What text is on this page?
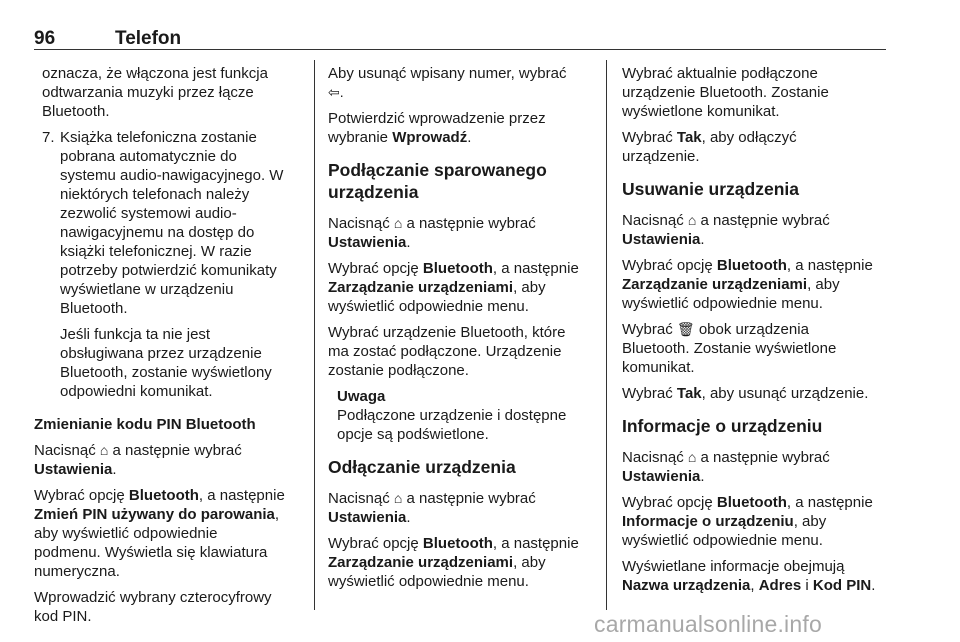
96	Telefon

oznacza, że włączona jest funkcja
odtwarzania muzyki przez łącze
Bluetooth.

7. Książka telefoniczna zostanie
pobrana automatycznie do
systemu audio-nawigacyjnego. W
niektórych telefonach należy
zezwolić systemowi audio-
nawigacyjnemu na dostęp do
książki telefonicznej. W razie
potrzeby potwierdzić komunikaty
wyświetlane w urządzeniu
Bluetooth.
Jeśli funkcja ta nie jest
obsługiwana przez urządzenie
Bluetooth, zostanie wyświetlony
odpowiedni komunikat.

Zmienianie kodu PIN Bluetooth

Nacisnąć ⌂ a następnie wybrać
Ustawienia.

Wybrać opcję Bluetooth, a następnie
Zmień PIN używany do parowania,
aby wyświetlić odpowiednie
podmenu. Wyświetla się klawiatura
numeryczna.

Wprowadzić wybrany czterocyfrowy
kod PIN.

Aby usunąć wpisany numer, wybrać
⇦.

Potwierdzić wprowadzenie przez
wybranie Wprowadź.

Podłączanie sparowanego
urządzenia

Nacisnąć ⌂ a następnie wybrać
Ustawienia.

Wybrać opcję Bluetooth, a następnie
Zarządzanie urządzeniami, aby
wyświetlić odpowiednie menu.

Wybrać urządzenie Bluetooth, które
ma zostać podłączone. Urządzenie
zostanie podłączone.

Uwaga
Podłączone urządzenie i dostępne
opcje są podświetlone.
Odłączanie urządzenia

Nacisnąć ⌂ a następnie wybrać
Ustawienia.

Wybrać opcję Bluetooth, a następnie
Zarządzanie urządzeniami, aby
wyświetlić odpowiednie menu.

Wybrać aktualnie podłączone
urządzenie Bluetooth. Zostanie
wyświetlone komunikat.

Wybrać Tak, aby odłączyć
urządzenie.

Usuwanie urządzenia

Nacisnąć ⌂ a następnie wybrać
Ustawienia.

Wybrać opcję Bluetooth, a następnie
Zarządzanie urządzeniami, aby
wyświetlić odpowiednie menu.

Wybrać 🗑︎ obok urządzenia
Bluetooth. Zostanie wyświetlone
komunikat.

Wybrać Tak, aby usunąć urządzenie.

Informacje o urządzeniu

Nacisnąć ⌂ a następnie wybrać
Ustawienia.

Wybrać opcję Bluetooth, a następnie
Informacje o urządzeniu, aby
wyświetlić odpowiednie menu.

Wyświetlane informacje obejmują
Nazwa urządzenia, Adres i Kod PIN.

carmanualsonline.info
